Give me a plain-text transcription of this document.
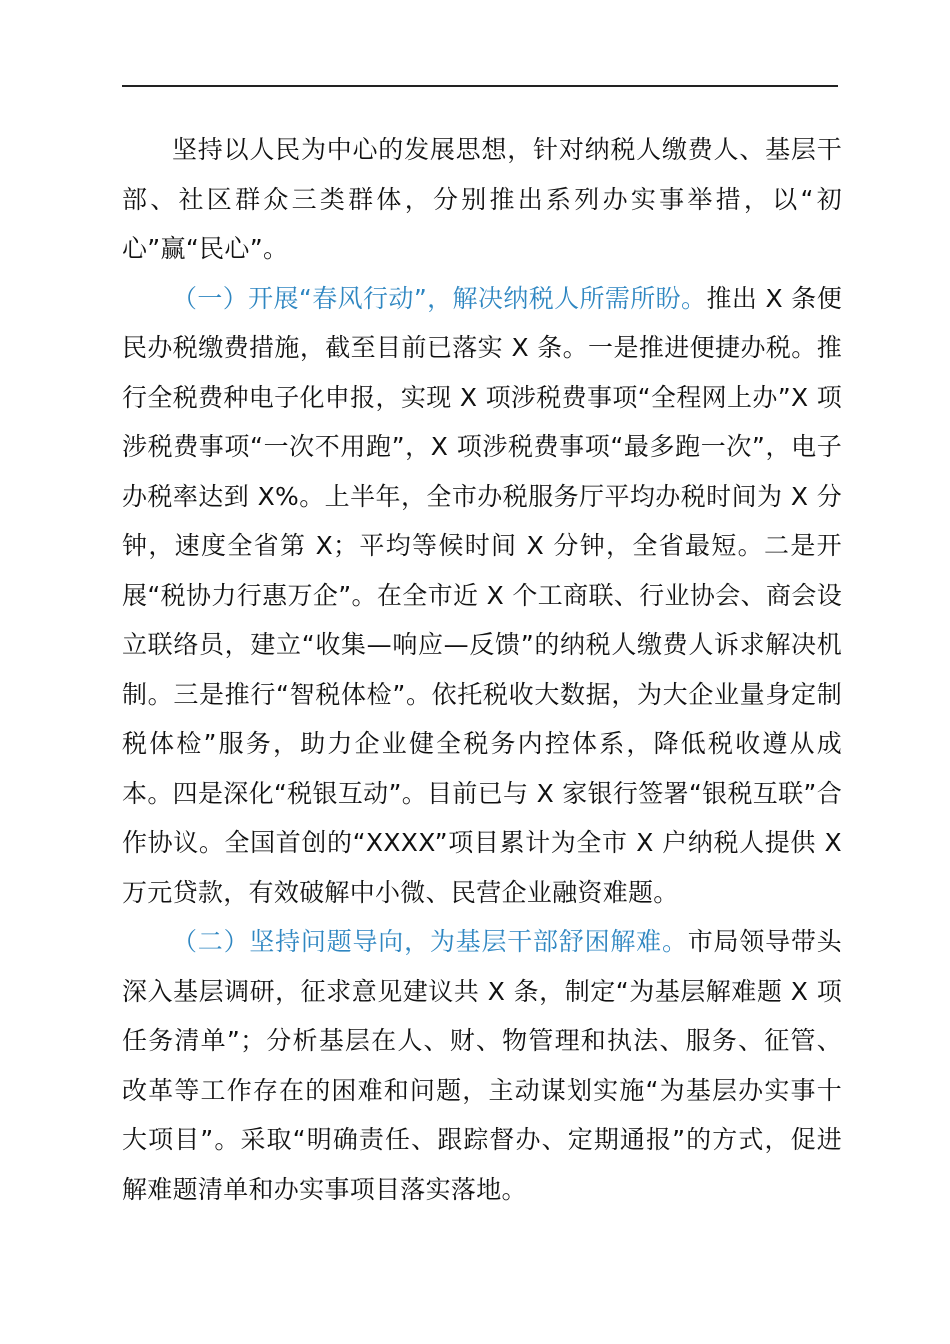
坚持以人民为中心的发展思想，针对纳税人缴费人、基层干部、社区群众三类群体，分别推出系列办实事举措，以“初心”赢“民心”。

（一）开展“春风行动”，解决纳税人所需所盼。推出 X 条便民办税缴费措施，截至目前已落实 X 条。一是推进便捷办税。推行全税费种电子化申报，实现 X 项涉税费事项“全程网上办”X 项涉税费事项“一次不用跑”，X 项涉税费事项“最多跑一次”，电子办税率达到 X%。上半年，全市办税服务厅平均办税时间为 X 分钟，速度全省第 X；平均等候时间 X 分钟，全省最短。二是开展“税协力行惠万企”。在全市近 X 个工商联、行业协会、商会设立联络员，建立“收集—响应—反馈”的纳税人缴费人诉求解决机制。三是推行“智税体检”。依托税收大数据，为大企业量身定制税体检”服务，助力企业健全税务内控体系，降低税收遵从成本。四是深化“税银互动”。目前已与 X 家银行签署“银税互联”合作协议。全国首创的“XXXX”项目累计为全市 X 户纳税人提供 X 万元贷款，有效破解中小微、民营企业融资难题。

（二）坚持问题导向，为基层干部舒困解难。市局领导带头深入基层调研，征求意见建议共 X 条，制定“为基层解难题 X 项任务清单”；分析基层在人、财、物管理和执法、服务、征管、改革等工作存在的困难和问题，主动谋划实施“为基层办实事十大项目”。采取“明确责任、跟踪督办、定期通报”的方式，促进解难题清单和办实事项目落实落地。
